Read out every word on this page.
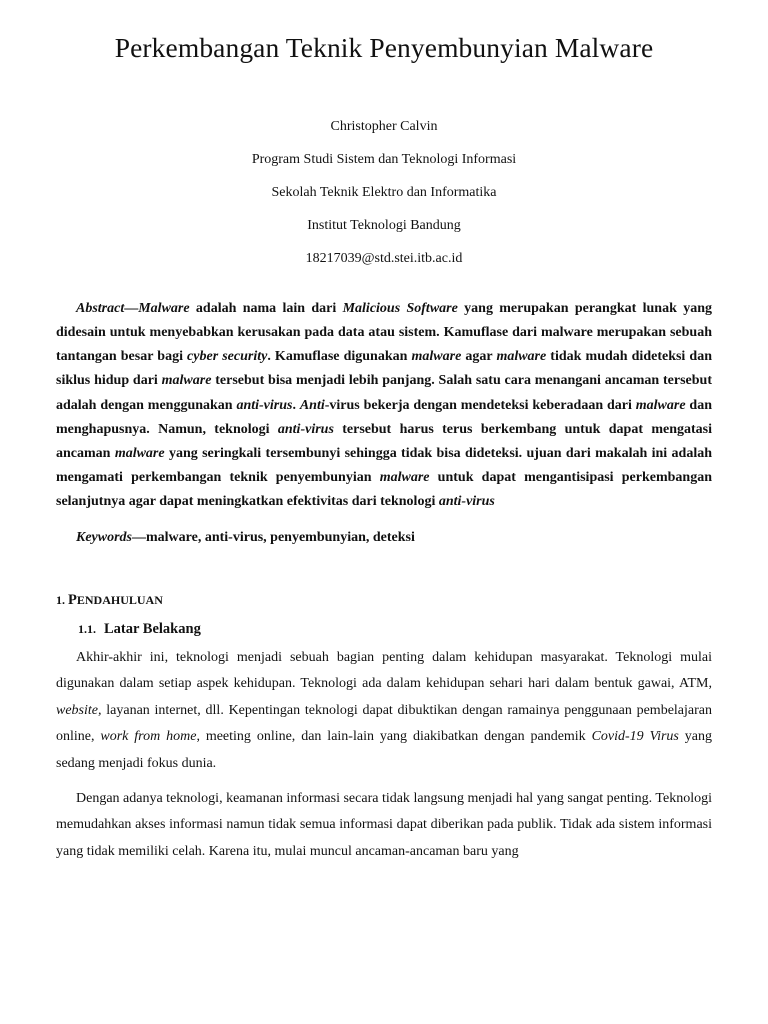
Perkembangan Teknik Penyembunyian Malware
Christopher Calvin
Program Studi Sistem dan Teknologi Informasi
Sekolah Teknik Elektro dan Informatika
Institut Teknologi Bandung
18217039@std.stei.itb.ac.id
Abstract—Malware adalah nama lain dari Malicious Software yang merupakan perangkat lunak yang didesain untuk menyebabkan kerusakan pada data atau sistem. Kamuflase dari malware merupakan sebuah tantangan besar bagi cyber security. Kamuflase digunakan malware agar malware tidak mudah dideteksi dan siklus hidup dari malware tersebut bisa menjadi lebih panjang. Salah satu cara menangani ancaman tersebut adalah dengan menggunakan anti-virus. Anti-virus bekerja dengan mendeteksi keberadaan dari malware dan menghapusnya. Namun, teknologi anti-virus tersebut harus terus berkembang untuk dapat mengatasi ancaman malware yang seringkali tersembunyi sehingga tidak bisa dideteksi. ujuan dari makalah ini adalah mengamati perkembangan teknik penyembunyian malware untuk dapat mengantisipasi perkembangan selanjutnya agar dapat meningkatkan efektivitas dari teknologi anti-virus
Keywords—malware, anti-virus, penyembunyian, deteksi
1. PENDAHULUAN
1.1. Latar Belakang
Akhir-akhir ini, teknologi menjadi sebuah bagian penting dalam kehidupan masyarakat. Teknologi mulai digunakan dalam setiap aspek kehidupan. Teknologi ada dalam kehidupan sehari hari dalam bentuk gawai, ATM, website, layanan internet, dll. Kepentingan teknologi dapat dibuktikan dengan ramainya penggunaan pembelajaran online, work from home, meeting online, dan lain-lain yang diakibatkan dengan pandemik Covid-19 Virus yang sedang menjadi fokus dunia.
Dengan adanya teknologi, keamanan informasi secara tidak langsung menjadi hal yang sangat penting. Teknologi memudahkan akses informasi namun tidak semua informasi dapat diberikan pada publik. Tidak ada sistem informasi yang tidak memiliki celah. Karena itu, mulai muncul ancaman-ancaman baru yang
